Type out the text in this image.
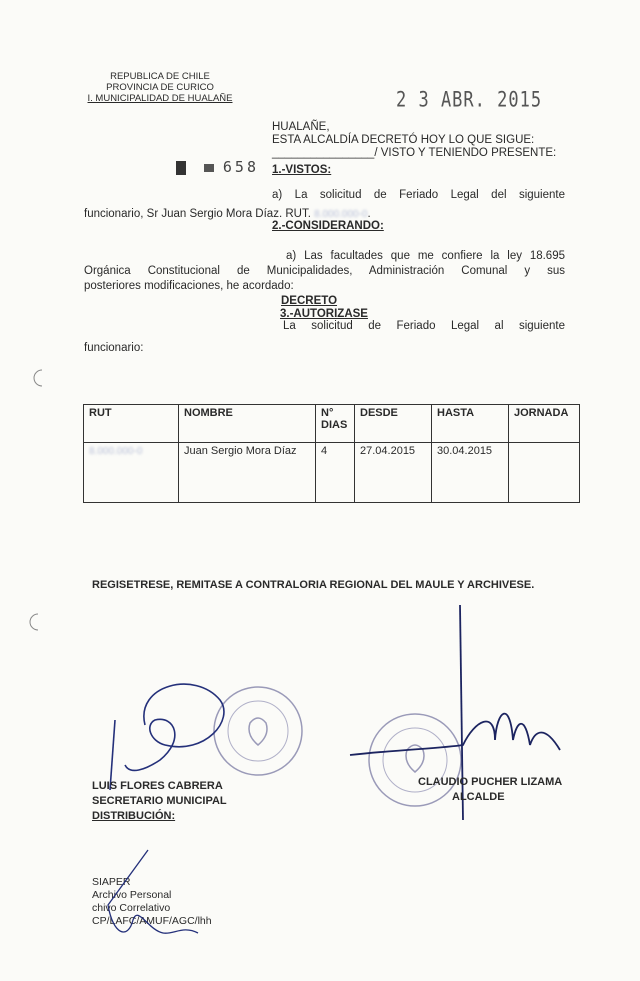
REPUBLICA DE CHILE
PROVINCIA DE CURICO
I. MUNICIPALIDAD DE HUALAÑE	2 3 ABR. 2015
658
HUALAÑE,
ESTA ALCALDÍA DECRETÓ HOY LO QUE SIGUE:
________________/ VISTO Y TENIENDO PRESENTE:
1.-VISTOS:
a) La solicitud de Feriado Legal del siguiente
funcionario, Sr Juan Sergio Mora Díaz. RUT. 8.000.000-0.
2.-CONSIDERANDO:
a) Las facultades que me confiere la ley 18.695
Orgánica Constitucional de Municipalidades, Administración Comunal y sus
posteriores modificaciones, he acordado:
DECRETO
3.-AUTORIZASE
La solicitud de Feriado Legal al siguiente
funcionario:
RUT	NOMBRE	N° DIAS	DESDE	HASTA	JORNADA
8.000.000-0	Juan Sergio Mora Díaz	4	27.04.2015	30.04.2015	
REGISETRESE, REMITASE A CONTRALORIA REGIONAL DEL MAULE Y ARCHIVESE.
LUIS FLORES CABRERA
SECRETARIO MUNICIPAL
DISTRIBUCIÓN:
CLAUDIO PUCHER LIZAMA
ALCALDE
SIAPER
Archivo Personal
chivo Correlativo
CP/LAFC/AMUF/AGC/lhh
